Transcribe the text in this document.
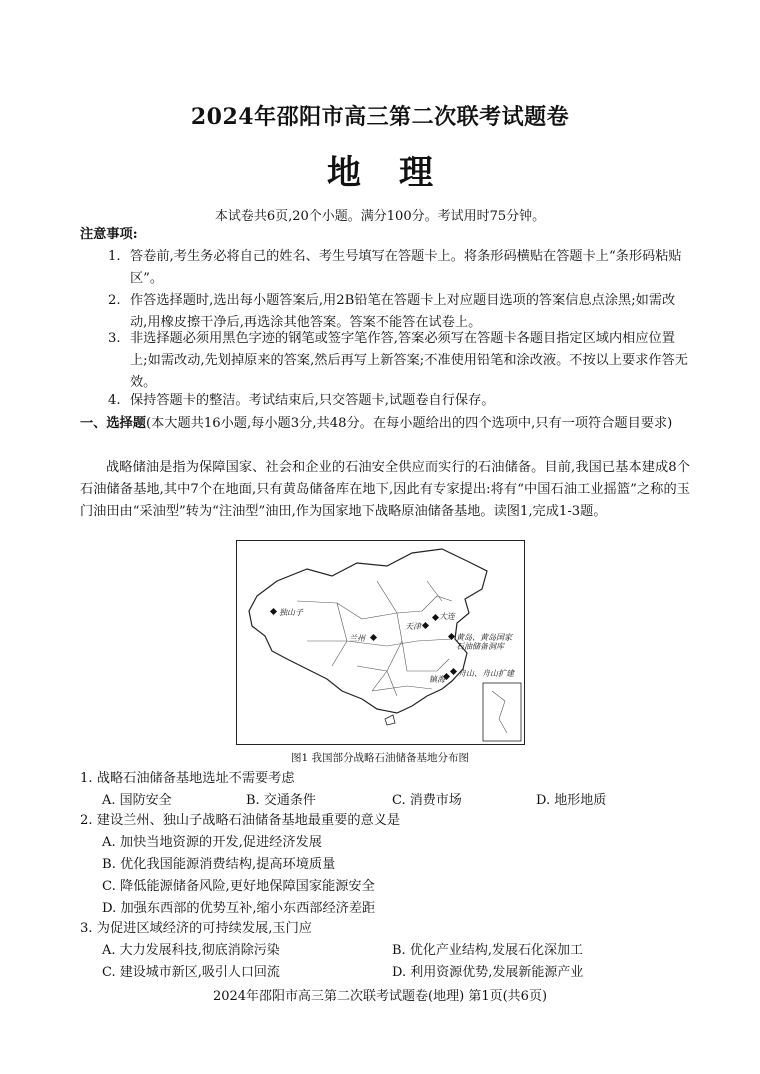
2024年邵阳市高三第二次联考试题卷
地理
本试卷共6页,20个小题。满分100分。考试用时75分钟。
注意事项:
1. 答卷前,考生务必将自己的姓名、考生号填写在答题卡上。将条形码横贴在答题卡上“条形码粘贴区”。
2. 作答选择题时,选出每小题答案后,用2B铅笔在答题卡上对应题目选项的答案信息点涂黑;如需改动,用橡皮擦干净后,再选涂其他答案。答案不能答在试卷上。
3. 非选择题必须用黑色字迹的钢笔或签字笔作答,答案必须写在答题卡各题目指定区域内相应位置上;如需改动,先划掉原来的答案,然后再写上新答案;不准使用铅笔和涂改液。不按以上要求作答无效。
4. 保持答题卡的整洁。考试结束后,只交答题卡,试题卷自行保存。
一、选择题(本大题共16小题,每小题3分,共48分。在每小题给出的四个选项中,只有一项符合题目要求)
战略储油是指为保障国家、社会和企业的石油安全供应而实行的石油储备。目前,我国已基本建成8个石油储备基地,其中7个在地面,只有黄岛储备库在地下,因此有专家提出:将有“中国石油工业摇篮”之称的玉门油田由“采油型”转为“注油型”油田,作为国家地下战略原油储备基地。读图1,完成1-3题。
独山子
兰州
天津
大连
黄岛、黄岛国家石油储备洞库
舟山、舟山扩建
镇海
图1 我国部分战略石油储备基地分布图
1. 战略石油储备基地选址不需要考虑
A. 国防安全	B. 交通条件	C. 消费市场	D. 地形地质
2. 建设兰州、独山子战略石油储备基地最重要的意义是
A. 加快当地资源的开发,促进经济发展
B. 优化我国能源消费结构,提高环境质量
C. 降低能源储备风险,更好地保障国家能源安全
D. 加强东西部的优势互补,缩小东西部经济差距
3. 为促进区域经济的可持续发展,玉门应
A. 大力发展科技,彻底消除污染	B. 优化产业结构,发展石化深加工
C. 建设城市新区,吸引人口回流	D. 利用资源优势,发展新能源产业
2024年邵阳市高三第二次联考试题卷(地理) 第1页(共6页)
